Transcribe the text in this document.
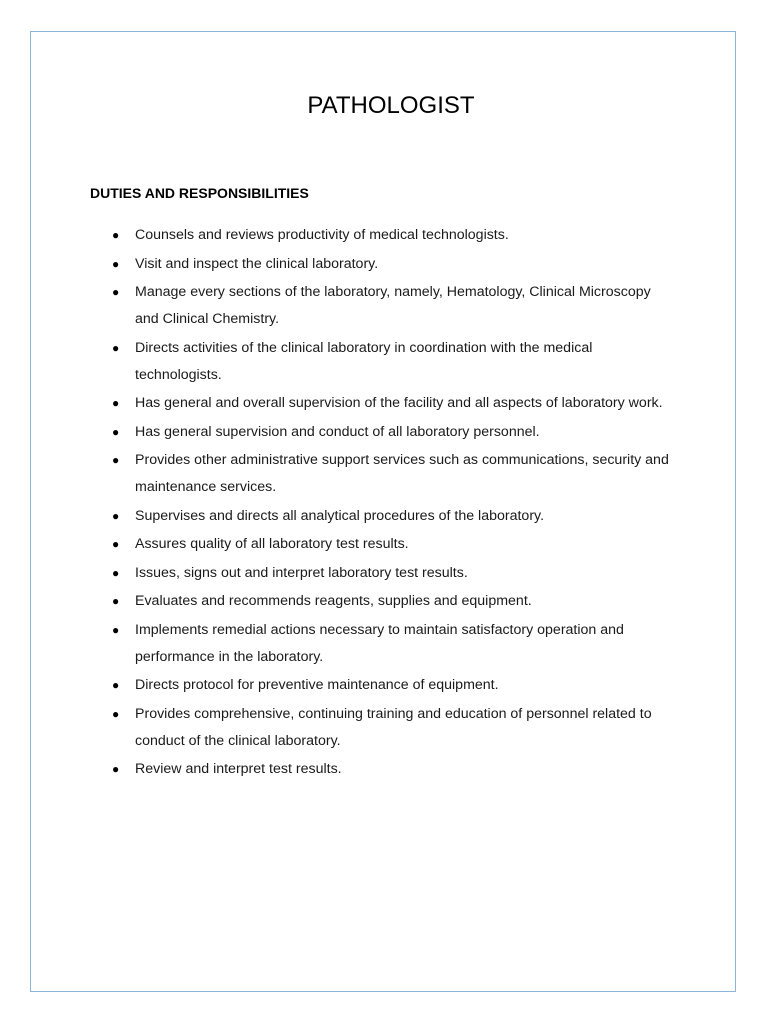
PATHOLOGIST
DUTIES AND RESPONSIBILITIES
● Counsels and reviews productivity of medical technologists.
● Visit and inspect the clinical laboratory.
● Manage every sections of the laboratory, namely, Hematology, Clinical Microscopy and Clinical Chemistry.
● Directs activities of the clinical laboratory in coordination with the medical technologists.
● Has general and overall supervision of the facility and all aspects of laboratory work.
● Has general supervision and conduct of all laboratory personnel.
● Provides other administrative support services such as communications, security and maintenance services.
● Supervises and directs all analytical procedures of the laboratory.
● Assures quality of all laboratory test results.
● Issues, signs out and interpret laboratory test results.
● Evaluates and recommends reagents, supplies and equipment.
● Implements remedial actions necessary to maintain satisfactory operation and performance in the laboratory.
● Directs protocol for preventive maintenance of equipment.
● Provides comprehensive, continuing training and education of personnel related to conduct of the clinical laboratory.
● Review and interpret test results.
